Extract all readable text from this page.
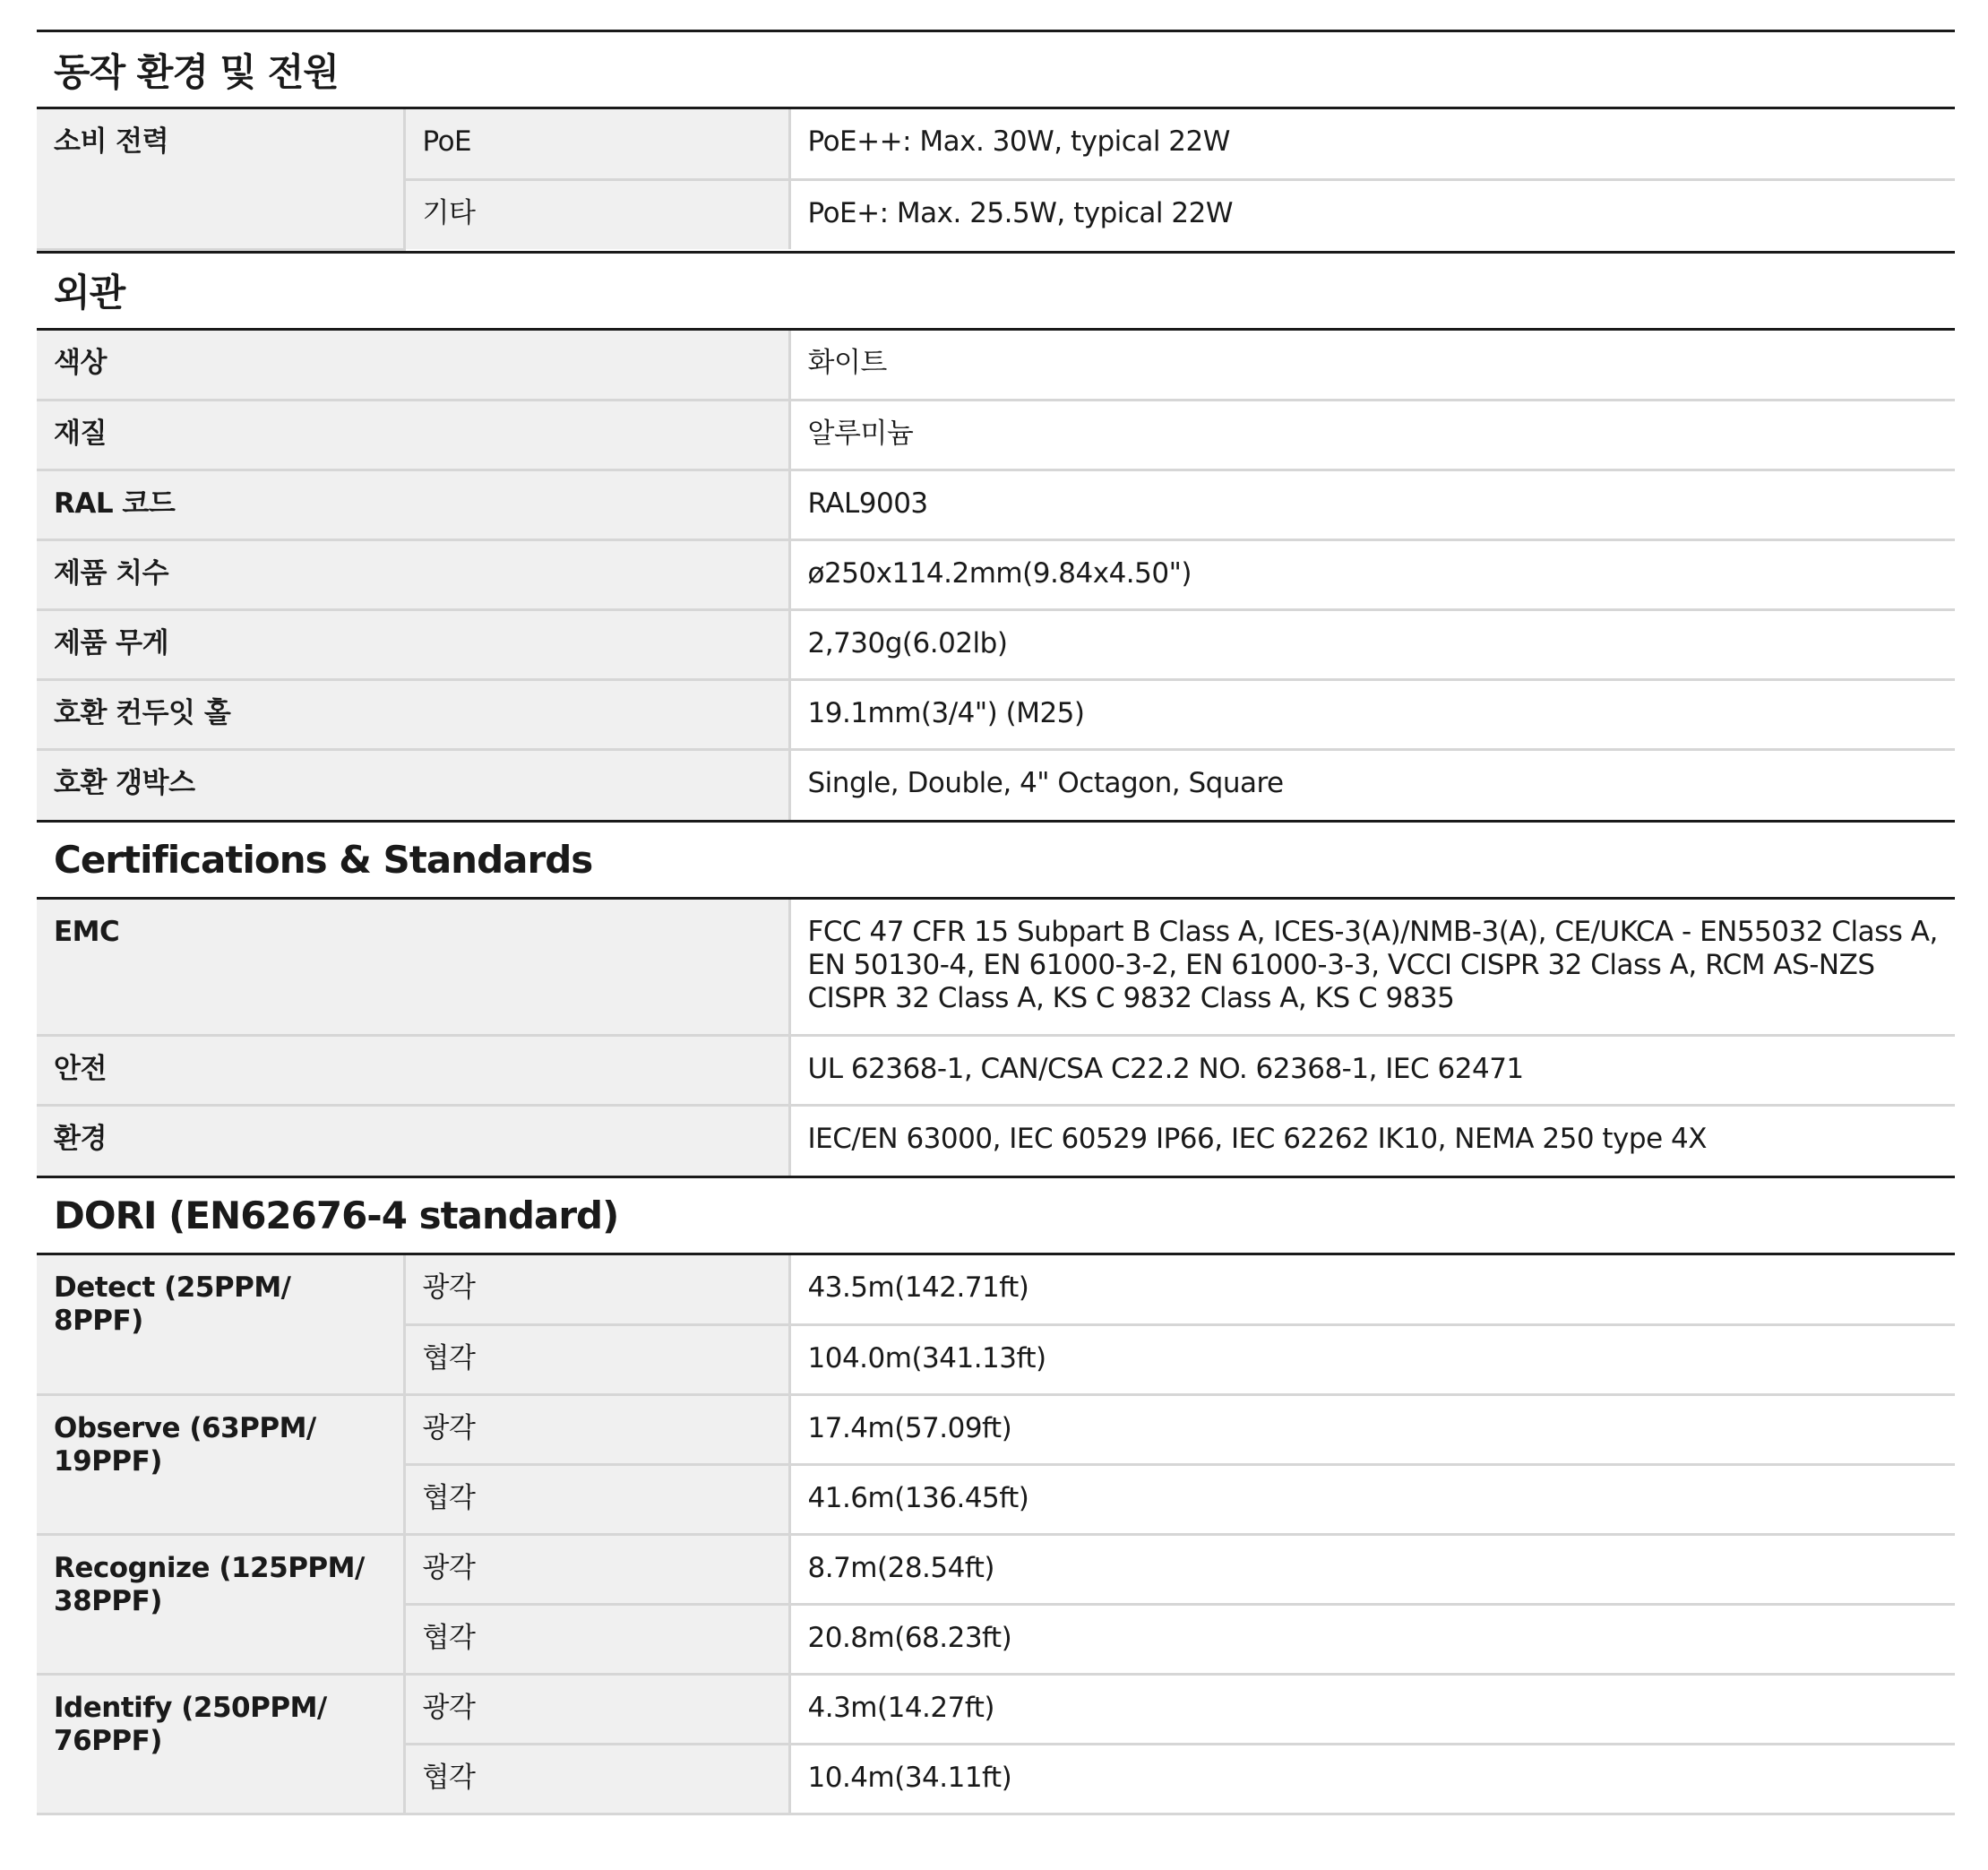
동작 환경 및 전원
소비 전력	PoE	PoE++: Max. 30W, typical 22W
	기타	PoE+: Max. 25.5W, typical 22W
외관
색상	화이트
재질	알루미늄
RAL 코드	RAL9003
제품 치수	ø250x114.2mm(9.84x4.50")
제품 무게	2,730g(6.02lb)
호환 컨두잇 홀	19.1mm(3/4") (M25)
호환 갱박스	Single, Double, 4" Octagon, Square
Certifications & Standards
EMC	FCC 47 CFR 15 Subpart B Class A, ICES-3(A)/NMB-3(A), CE/UKCA - EN55032 Class A, EN 50130-4, EN 61000-3-2, EN 61000-3-3, VCCI CISPR 32 Class A, RCM AS-NZS CISPR 32 Class A, KS C 9832 Class A, KS C 9835
안전	UL 62368-1, CAN/CSA C22.2 NO. 62368-1, IEC 62471
환경	IEC/EN 63000, IEC 60529 IP66, IEC 62262 IK10, NEMA 250 type 4X
DORI (EN62676-4 standard)
Detect (25PPM/ 8PPF)	광각	43.5m(142.71ft)
	협각	104.0m(341.13ft)
Observe (63PPM/ 19PPF)	광각	17.4m(57.09ft)
	협각	41.6m(136.45ft)
Recognize (125PPM/ 38PPF)	광각	8.7m(28.54ft)
	협각	20.8m(68.23ft)
Identify (250PPM/ 76PPF)	광각	4.3m(14.27ft)
	협각	10.4m(34.11ft)
